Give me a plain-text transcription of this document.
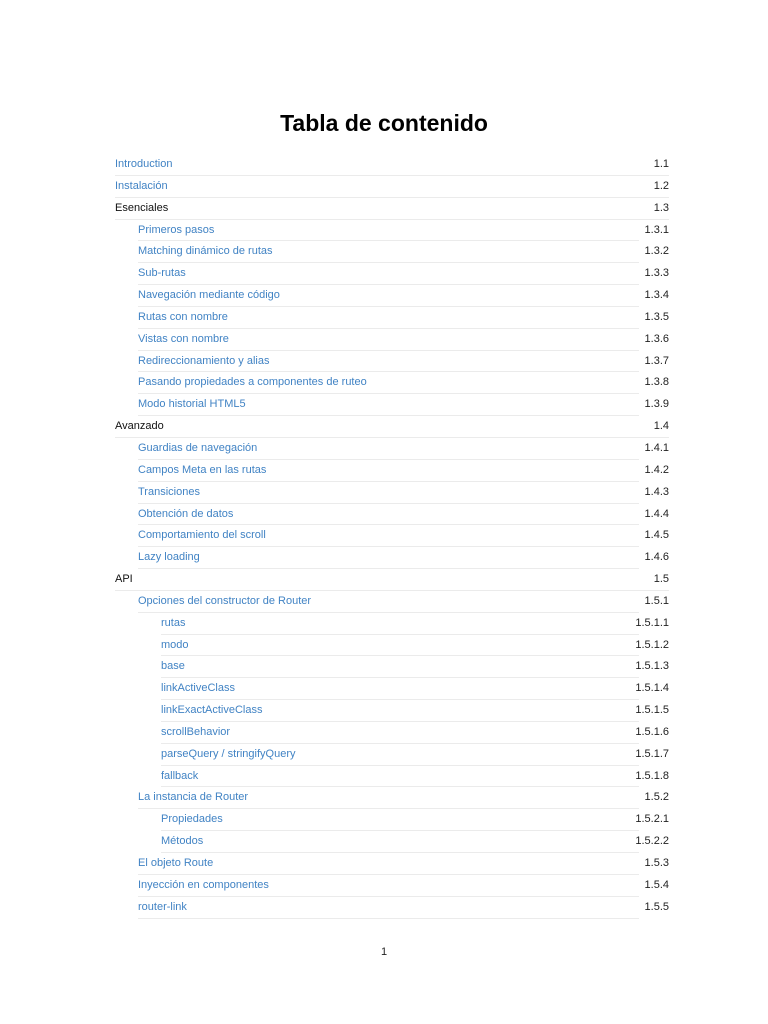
Tabla de contenido
Introduction	1.1
Instalación	1.2
Esenciales	1.3
Primeros pasos	1.3.1
Matching dinámico de rutas	1.3.2
Sub-rutas	1.3.3
Navegación mediante código	1.3.4
Rutas con nombre	1.3.5
Vistas con nombre	1.3.6
Redireccionamiento y alias	1.3.7
Pasando propiedades a componentes de ruteo	1.3.8
Modo historial HTML5	1.3.9
Avanzado	1.4
Guardias de navegación	1.4.1
Campos Meta en las rutas	1.4.2
Transiciones	1.4.3
Obtención de datos	1.4.4
Comportamiento del scroll	1.4.5
Lazy loading	1.4.6
API	1.5
Opciones del constructor de Router	1.5.1
rutas	1.5.1.1
modo	1.5.1.2
base	1.5.1.3
linkActiveClass	1.5.1.4
linkExactActiveClass	1.5.1.5
scrollBehavior	1.5.1.6
parseQuery / stringifyQuery	1.5.1.7
fallback	1.5.1.8
La instancia de Router	1.5.2
Propiedades	1.5.2.1
Métodos	1.5.2.2
El objeto Route	1.5.3
Inyección en componentes	1.5.4
router-link	1.5.5
1
